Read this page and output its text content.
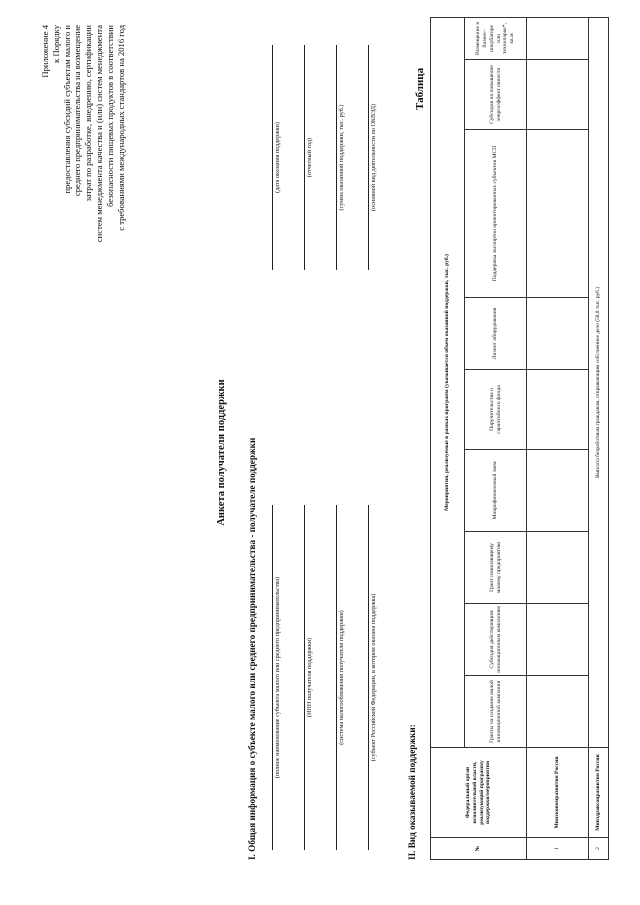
Приложение 4 к Порядку предоставления субсидий субъектам малого и среднего предпринимательства на возмещение затрат по разработке, внедрению, сертификации систем менеджмента качества и (или) систем менеджмента безопасности пищевых продуктов в соответствии с требованиями международных стандартов на 2016 год
Анкета получателя поддержки I. Общая информация о субъекте малого или среднего предпринимательства - получателе поддержки	(полное наименование субъекта малого или среднего предпринимательства)	(ИНН получателя поддержки)	(система налогообложения получателя поддержки)	(субъект Российской Федерации, в котором оказана поддержка)
(дата оказания поддержки)	(отчетный год)	(сумма оказанной поддержки, тыс. руб.)	(основной вид деятельности по ОКВЭД)
II. Вид оказываемой поддержки:
Таблица
№	Федеральный орган исполнительной власти, реализующий программу поддержки/мероприятия	Мероприятия, реализуемые в рамках программ (указывается объем оказанной поддержки, тыс. руб.)								
		Гранты на создание малой инновационной компании	Субсидия действующим инновационным компаниям	Грант начинающему малому предприятию	Микрофинансовый заем	Поручительства о гарантийного фонда	Лизинг оборудования	Поддержка экспортно ориентированных субъектов МСП	Субсидия на повышение энергоэффект ивности	Размещение в бизнес-инкубаторе или технопарке*, кв.м
1	Минэкономразвития России									
2	Минздравсоцразвития России	Выплата безработным гражданам, открывающим собственное дело (58,8 тыс. руб.)								
